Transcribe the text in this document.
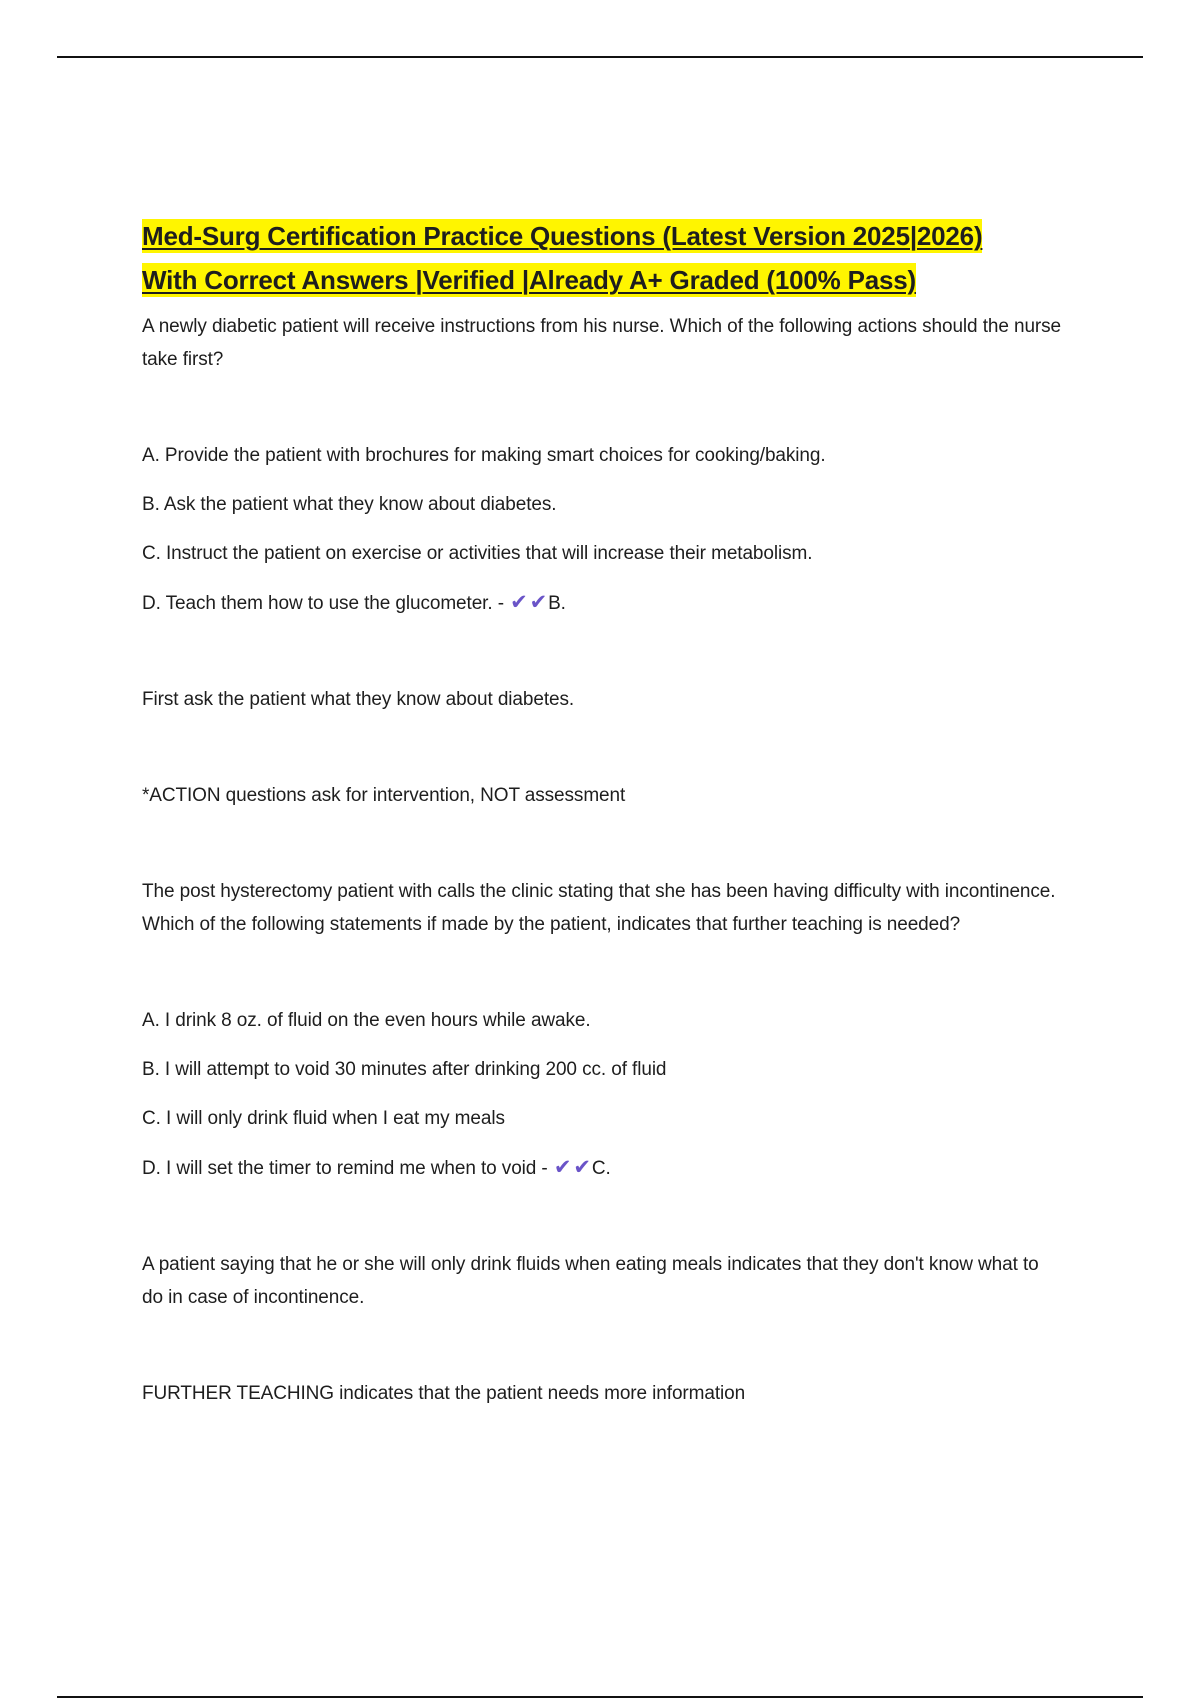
Med-Surg Certification Practice Questions (Latest Version 2025|2026)
With Correct Answers |Verified |Already A+ Graded (100% Pass)

A newly diabetic patient will receive instructions from his nurse. Which of the following actions should the nurse take first?

A. Provide the patient with brochures for making smart choices for cooking/baking.

B. Ask the patient what they know about diabetes.

C. Instruct the patient on exercise or activities that will increase their metabolism.

D. Teach them how to use the glucometer. - ✔✔B.

First ask the patient what they know about diabetes.

*ACTION questions ask for intervention, NOT assessment

The post hysterectomy patient with calls the clinic stating that she has been having difficulty with incontinence. Which of the following statements if made by the patient, indicates that further teaching is needed?

A. I drink 8 oz. of fluid on the even hours while awake.

B. I will attempt to void 30 minutes after drinking 200 cc. of fluid

C. I will only drink fluid when I eat my meals

D. I will set the timer to remind me when to void - ✔✔C.

A patient saying that he or she will only drink fluids when eating meals indicates that they don't know what to do in case of incontinence.

FURTHER TEACHING indicates that the patient needs more information
